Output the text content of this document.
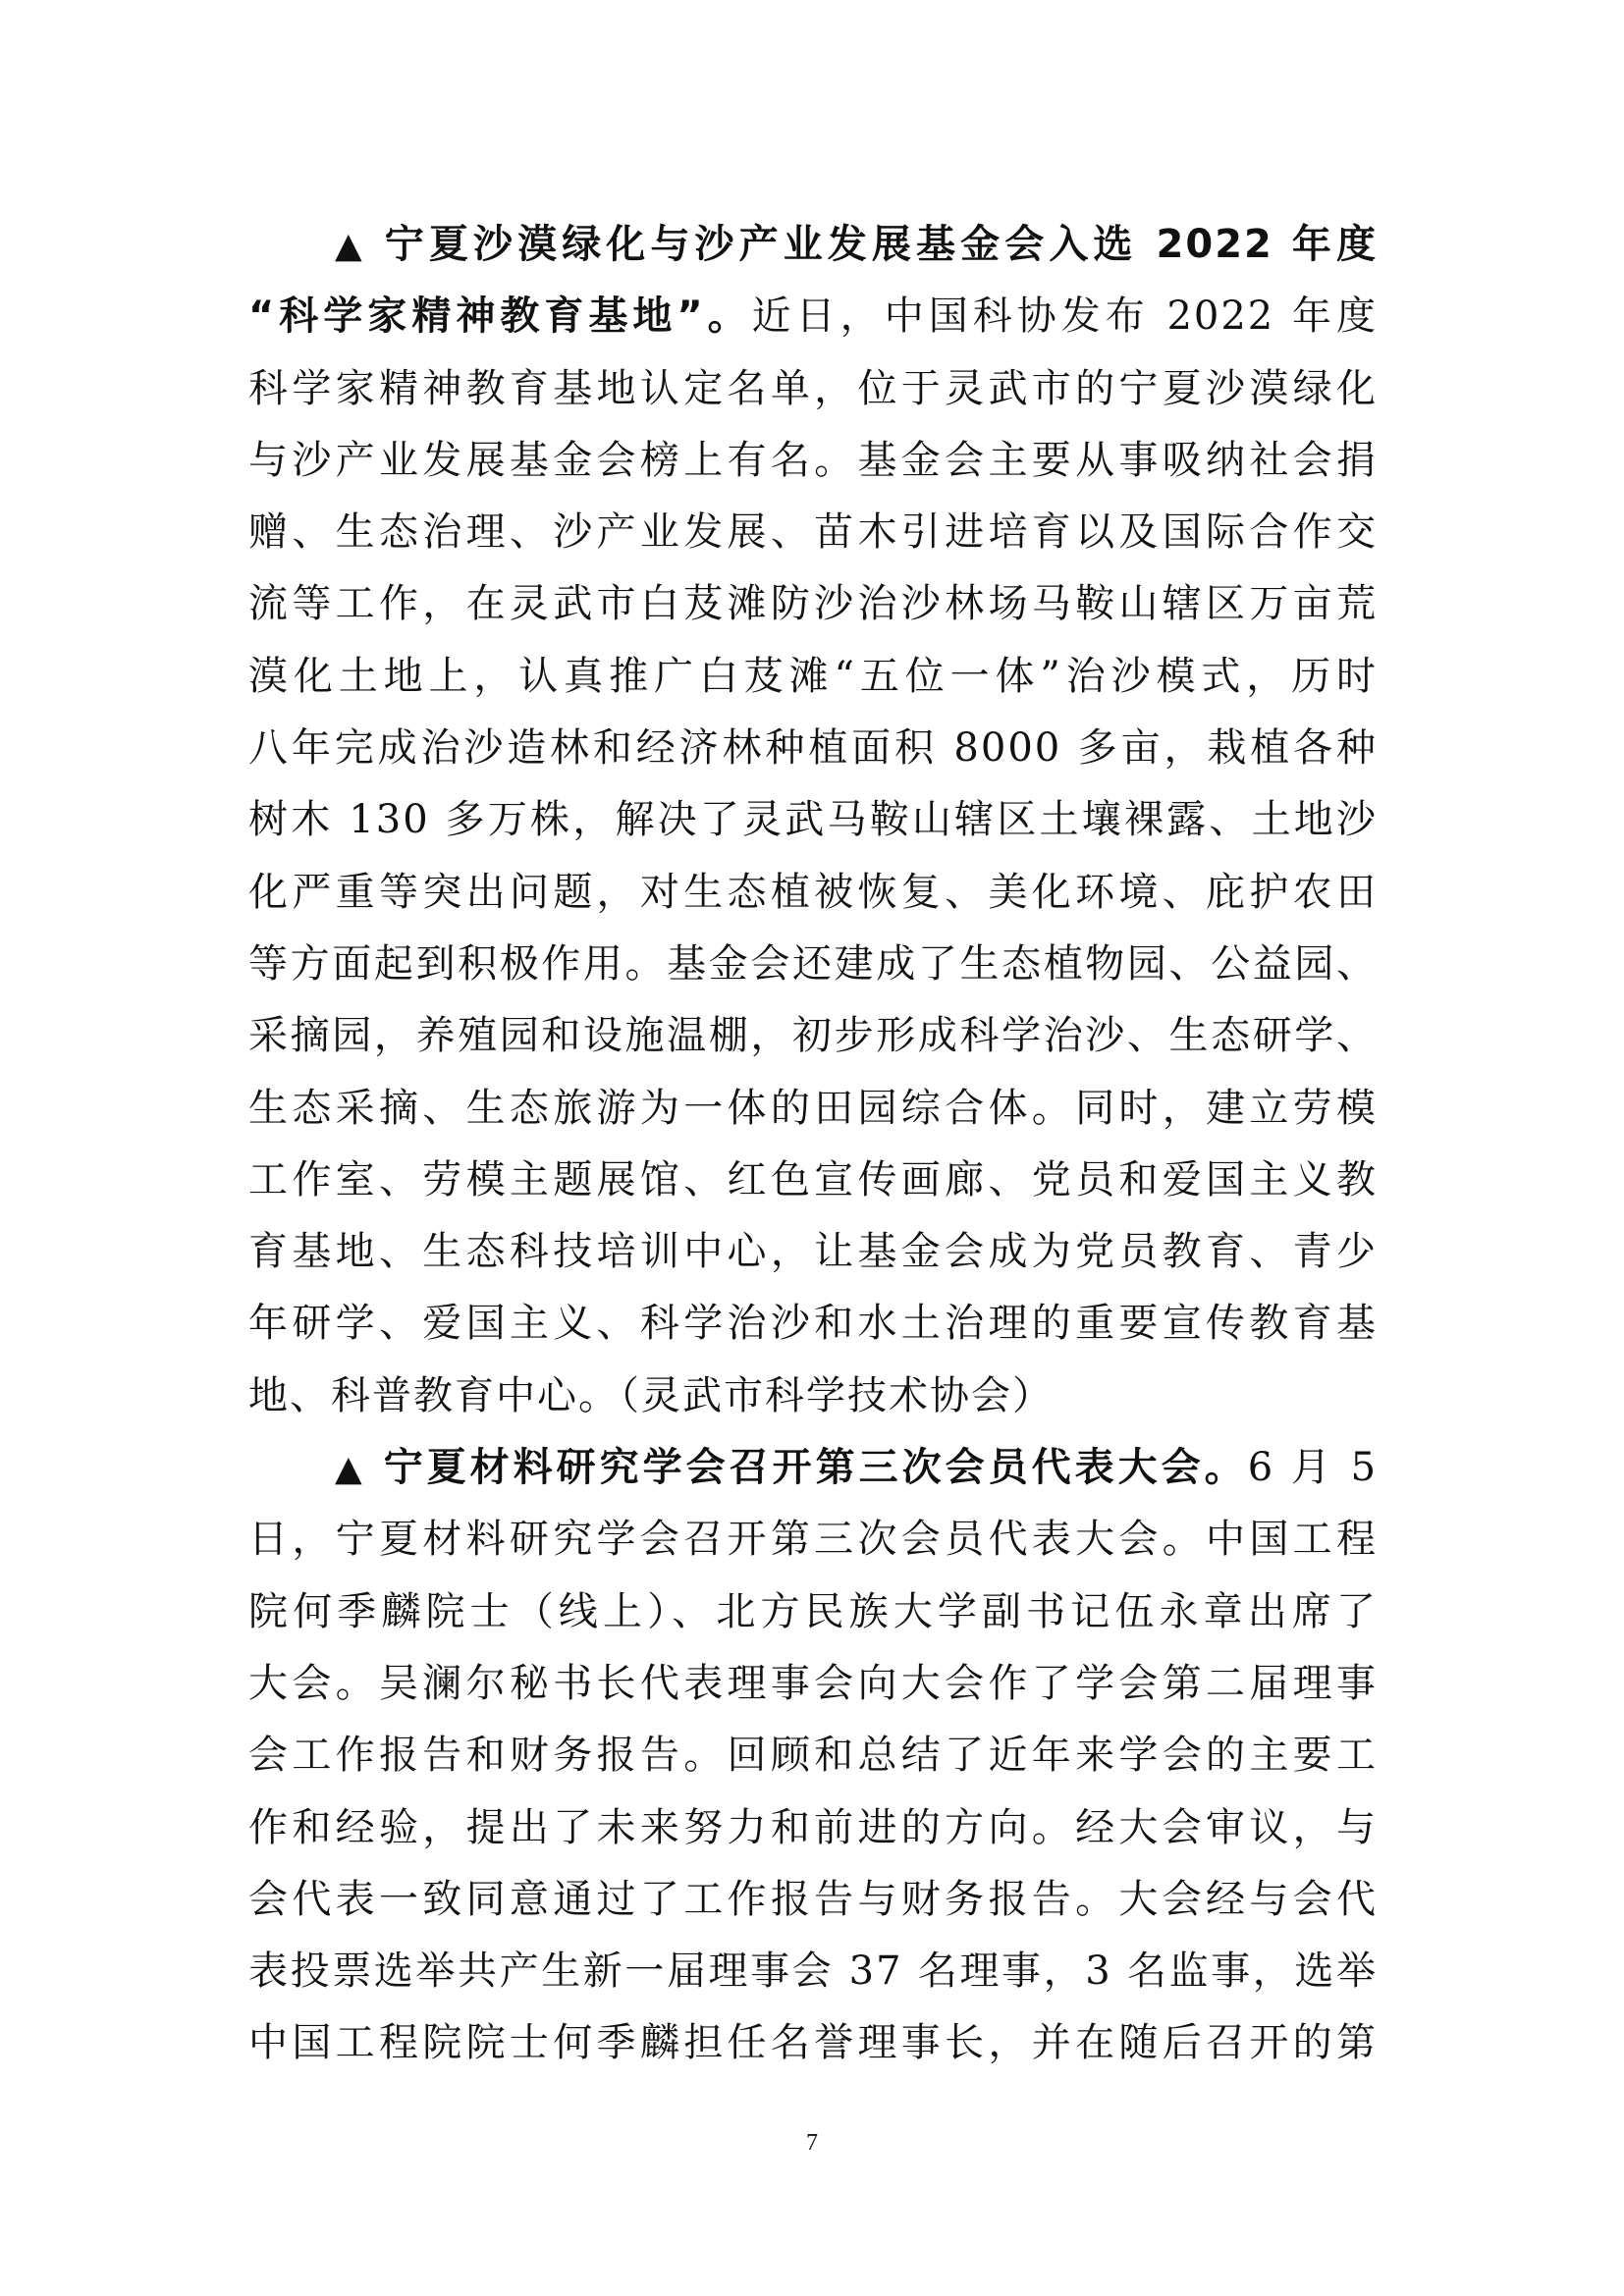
▲ 宁夏沙漠绿化与沙产业发展基金会入选 2022 年度
“科学家精神教育基地”。近日，中国科协发布 2022 年度
科学家精神教育基地认定名单，位于灵武市的宁夏沙漠绿化
与沙产业发展基金会榜上有名。基金会主要从事吸纳社会捐
赠、生态治理、沙产业发展、苗木引进培育以及国际合作交
流等工作，在灵武市白芨滩防沙治沙林场马鞍山辖区万亩荒
漠化土地上，认真推广白芨滩“五位一体”治沙模式，历时
八年完成治沙造林和经济林种植面积 8000 多亩，栽植各种
树木 130 多万株，解决了灵武马鞍山辖区土壤裸露、土地沙
化严重等突出问题，对生态植被恢复、美化环境、庇护农田
等方面起到积极作用。基金会还建成了生态植物园、公益园、
采摘园，养殖园和设施温棚，初步形成科学治沙、生态研学、
生态采摘、生态旅游为一体的田园综合体。同时，建立劳模
工作室、劳模主题展馆、红色宣传画廊、党员和爱国主义教
育基地、生态科技培训中心，让基金会成为党员教育、青少
年研学、爱国主义、科学治沙和水土治理的重要宣传教育基
地、科普教育中心。（灵武市科学技术协会）
▲ 宁夏材料研究学会召开第三次会员代表大会。6 月 5
日，宁夏材料研究学会召开第三次会员代表大会。中国工程
院何季麟院士（线上）、北方民族大学副书记伍永章出席了
大会。吴澜尔秘书长代表理事会向大会作了学会第二届理事
会工作报告和财务报告。回顾和总结了近年来学会的主要工
作和经验，提出了未来努力和前进的方向。经大会审议，与
会代表一致同意通过了工作报告与财务报告。大会经与会代
表投票选举共产生新一届理事会 37 名理事，3 名监事，选举
中国工程院院士何季麟担任名誉理事长，并在随后召开的第
7
